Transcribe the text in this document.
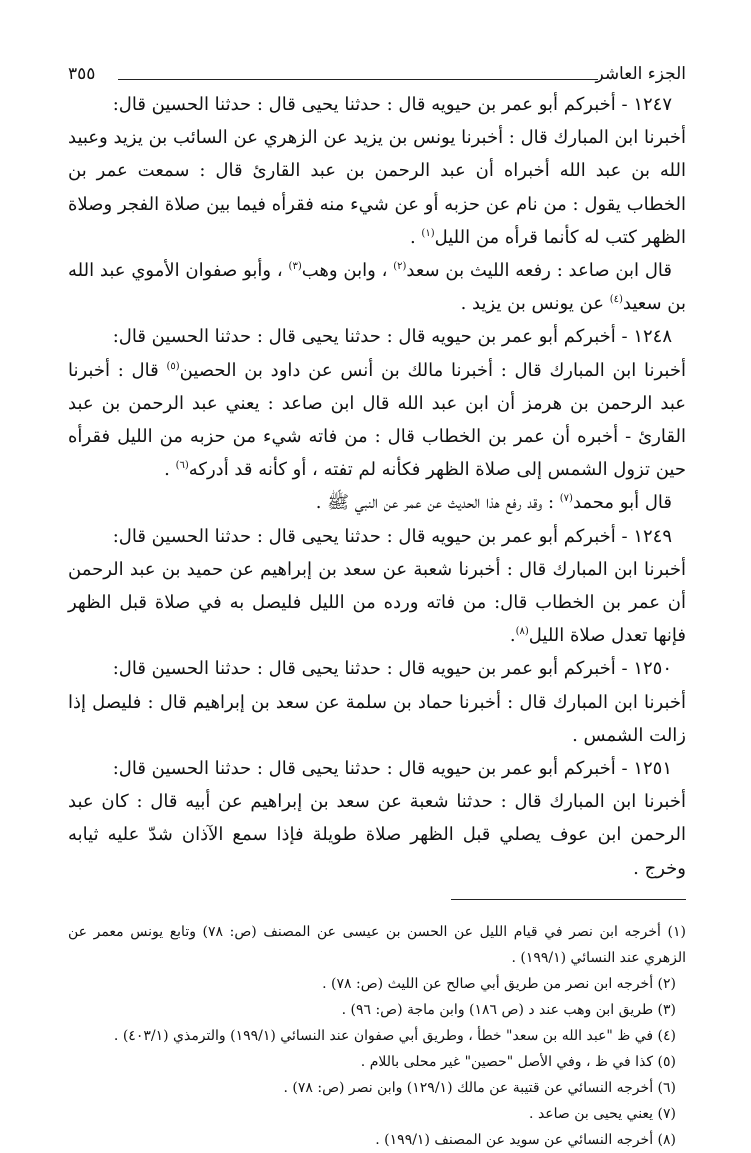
الجزء العاشر
٣٥٥

١٢٤٧ - أخبركم أبو عمر بن حيويه قال : حدثنا يحيى قال : حدثنا الحسين قال:

أخبرنا ابن المبارك قال : أخبرنا يونس بن يزيد عن الزهري عن السائب بن يزيد وعبيد الله بن عبد الله أخبراه أن عبد الرحمن بن عبد القارئ قال : سمعت عمر بن الخطاب يقول : من نام عن حزبه أو عن شيء منه فقرأه فيما بين صلاة الفجر وصلاة الظهر كتب له كأنما قرأه من الليل$^{(١)}$ .

قال ابن صاعد : رفعه الليث بن سعد$^{(٢)}$ ، وابن وهب$^{(٣)}$ ، وأبو صفوان الأموي عبد الله بن سعيد$^{(٤)}$ عن يونس بن يزيد .

١٢٤٨ - أخبركم أبو عمر بن حيويه قال : حدثنا يحيى قال : حدثنا الحسين قال:

أخبرنا ابن المبارك قال : أخبرنا مالك بن أنس عن داود بن الحصين$^{(٥)}$ قال : أخبرنا عبد الرحمن بن هرمز أن ابن عبد الله قال ابن صاعد : يعني عبد الرحمن بن عبد القارئ - أخبره أن عمر بن الخطاب قال : من فاته شيء من حزبه من الليل فقرأه حين تزول الشمس إلى صلاة الظهر فكأنه لم تفته ، أو كأنه قد أدركه$^{(٦)}$ .

قال أبو محمد$^{(٧)}$ : وقد رفع هذا الحديث عن عمر عن النبي ﷺ .

١٢٤٩ - أخبركم أبو عمر بن حيويه قال : حدثنا يحيى قال : حدثنا الحسين قال:

أخبرنا ابن المبارك قال : أخبرنا شعبة عن سعد بن إبراهيم عن حميد بن عبد الرحمن أن عمر بن الخطاب قال: من فاته ورده من الليل فليصل به في صلاة قبل الظهر فإنها تعدل صلاة الليل$^{(٨)}$.

١٢٥٠ - أخبركم أبو عمر بن حيويه قال : حدثنا يحيى قال : حدثنا الحسين قال:

أخبرنا ابن المبارك قال : أخبرنا حماد بن سلمة عن سعد بن إبراهيم قال : فليصل إذا زالت الشمس .

١٢٥١ - أخبركم أبو عمر بن حيويه قال : حدثنا يحيى قال : حدثنا الحسين قال:

أخبرنا ابن المبارك قال : حدثنا شعبة عن سعد بن إبراهيم عن أبيه قال : كان عبد الرحمن ابن عوف يصلي قبل الظهر صلاة طويلة فإذا سمع الآذان شدّ عليه ثيابه وخرج .

(١) أخرجه ابن نصر في قيام الليل عن الحسن بن عيسى عن المصنف (ص: ٧٨) وتابع يونس معمر عن الزهري عند النسائي (١٩٩/١) .

(٢) أخرجه ابن نصر من طريق أبي صالح عن الليث (ص: ٧٨) .

(٣) طريق ابن وهب عند د (ص ١٨٦) وابن ماجة (ص: ٩٦) .

(٤) في ظ "عبد الله بن سعد" خطأ ، وطريق أبي صفوان عند النسائي (١٩٩/١) والترمذي (٤٠٣/١) .

(٥) كذا في ظ ، وفي الأصل "حصين" غير محلى باللام .

(٦) أخرجه النسائي عن قتيبة عن مالك (١٢٩/١) وابن نصر (ص: ٧٨) .

(٧) يعني يحيى بن صاعد .

(٨) أخرجه النسائي عن سويد عن المصنف (١٩٩/١) .
